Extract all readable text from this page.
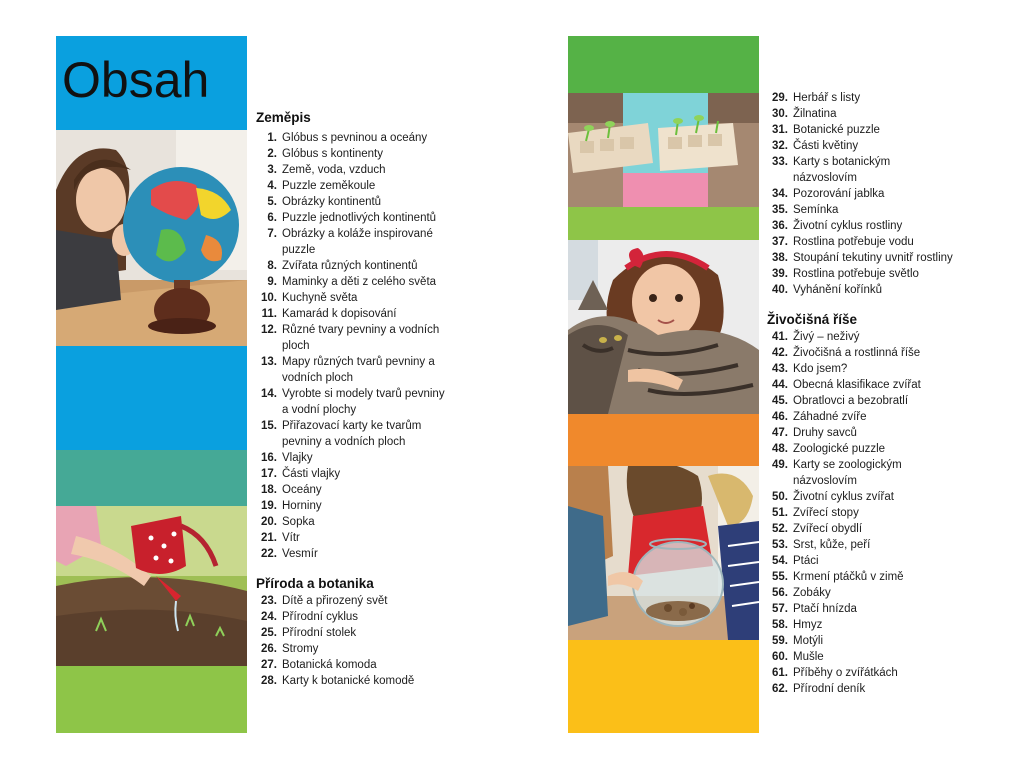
Obsah
Zeměpis
1. Glóbus s pevninou a oceány
2. Glóbus s kontinenty
3. Země, voda, vzduch
4. Puzzle zeměkoule
5. Obrázky kontinentů
6. Puzzle jednotlivých kontinentů
7. Obrázky a koláže inspirované puzzle
8. Zvířata různých kontinentů
9. Maminky a děti z celého světa
10. Kuchyně světa
11. Kamarád k dopisování
12. Různé tvary pevniny a vodních ploch
13. Mapy různých tvarů pevniny a vodních ploch
14. Vyrobte si modely tvarů pevniny a vodní plochy
15. Přiřazovací karty ke tvarům pevniny a vodních ploch
16. Vlajky
17. Části vlajky
18. Oceány
19. Horniny
20. Sopka
21. Vítr
22. Vesmír
Příroda a botanika
23. Dítě a přirozený svět
24. Přírodní cyklus
25. Přírodní stolek
26. Stromy
27. Botanická komoda
28. Karty k botanické komodě
29. Herbář s listy
30. Žilnatina
31. Botanické puzzle
32. Části květiny
33. Karty s botanickým názvoslovím
34. Pozorování jablka
35. Semínka
36. Životní cyklus rostliny
37. Rostlina potřebuje vodu
38. Stoupání tekutiny uvnitř rostliny
39. Rostlina potřebuje světlo
40. Vyhánění kořínků
Živočišná říše
41. Živý – neživý
42. Živočišná a rostlinná říše
43. Kdo jsem?
44. Obecná klasifikace zvířat
45. Obratlovci a bezobratlí
46. Záhadné zvíře
47. Druhy savců
48. Zoologické puzzle
49. Karty se zoologickým názvoslovím
50. Životní cyklus zvířat
51. Zvířecí stopy
52. Zvířecí obydlí
53. Srst, kůže, peří
54. Ptáci
55. Krmení ptáčků v zimě
56. Zobáky
57. Ptačí hnízda
58. Hmyz
59. Motýli
60. Mušle
61. Příběhy o zvířátkách
62. Přírodní deník
